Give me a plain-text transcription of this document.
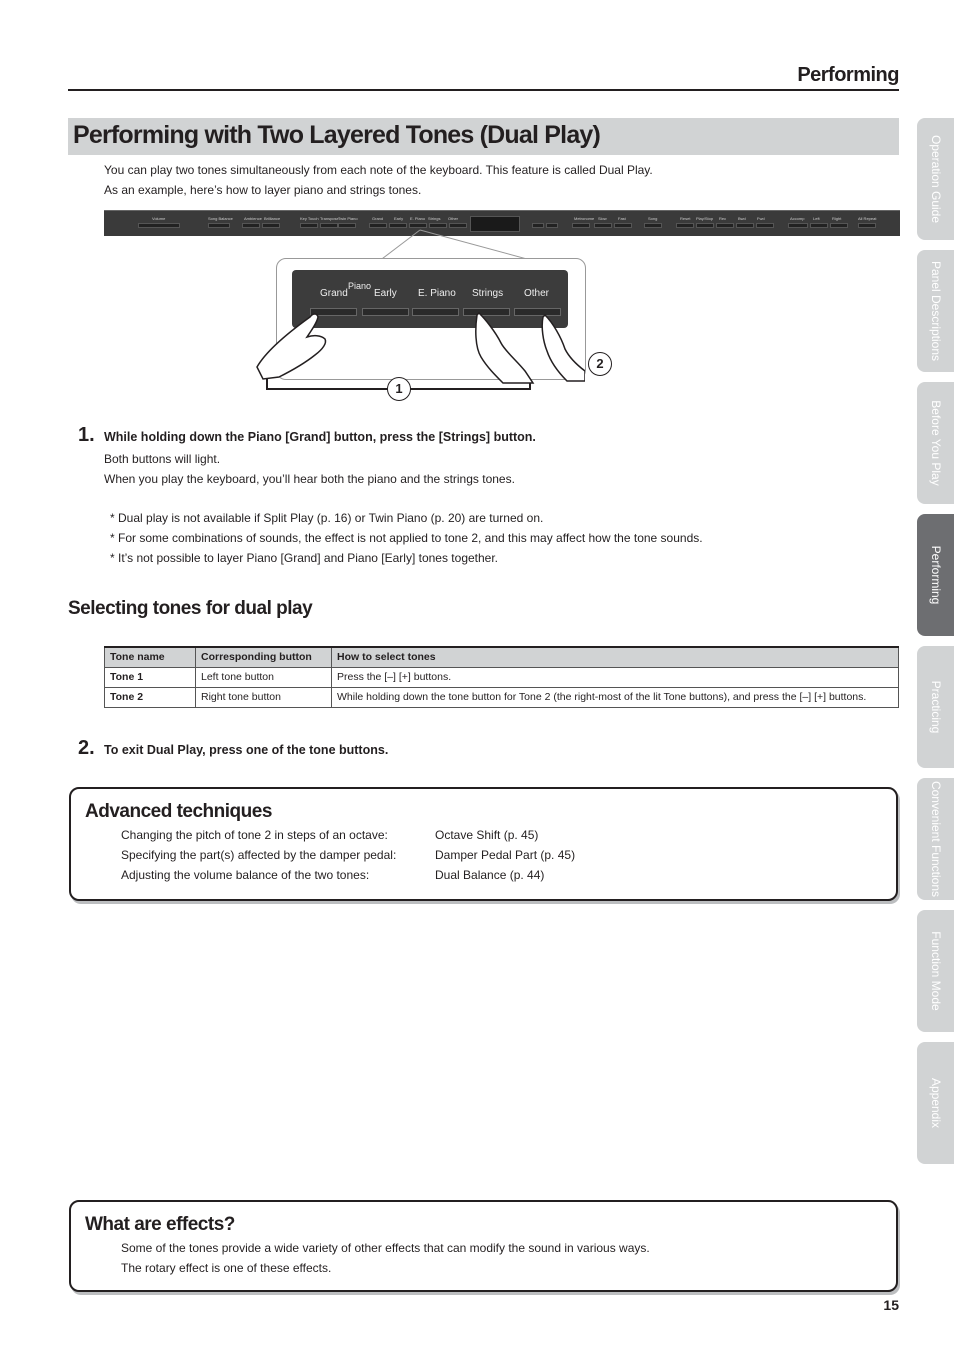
Performing
Performing with Two Layered Tones (Dual Play)
You can play two tones simultaneously from each note of the keyboard. This feature is called Dual Play.
As an example, here’s how to layer piano and strings tones.
Volume	Song Balance	Ambience Brilliance	Key Touch Transpose Twin Piano	Grand	Early E. Piano Strings Other	Metronome Slow	Fast	Song	Reset Play/Stop Rec	Bwd	Fwd	Accomp Left	Right	All Repeat
Piano
Grand	Early E. Piano Strings Other
1
2
1. While holding down the Piano [Grand] button, press the [Strings] button.
Both buttons will light.
When you play the keyboard, you’ll hear both the piano and the strings tones.
* Dual play is not available if Split Play (p. 16) or Twin Piano (p. 20) are turned on.
* For some combinations of sounds, the effect is not applied to tone 2, and this may affect how the tone sounds.
* It’s not possible to layer Piano [Grand] and Piano [Early] tones together.
Selecting tones for dual play
Tone name	Corresponding button	How to select tones
Tone 1	Left tone button	Press the [–] [+] buttons.
Tone 2	Right tone button	While holding down the tone button for Tone 2 (the right-most of the lit Tone buttons), and press the [–] [+] buttons.
2. To exit Dual Play, press one of the tone buttons.
Advanced techniques
Changing the pitch of tone 2 in steps of an octave:	Octave Shift (p. 45)
Specifying the part(s) affected by the damper pedal:	Damper Pedal Part (p. 45)
Adjusting the volume balance of the two tones:	Dual Balance (p. 44)
What are effects?
Some of the tones provide a wide variety of other effects that can modify the sound in various ways.
The rotary effect is one of these effects.
Operation Guide
Panel Descriptions
Before You Play
Performing
Practicing
Convenient Functions
Function Mode
Appendix
15
